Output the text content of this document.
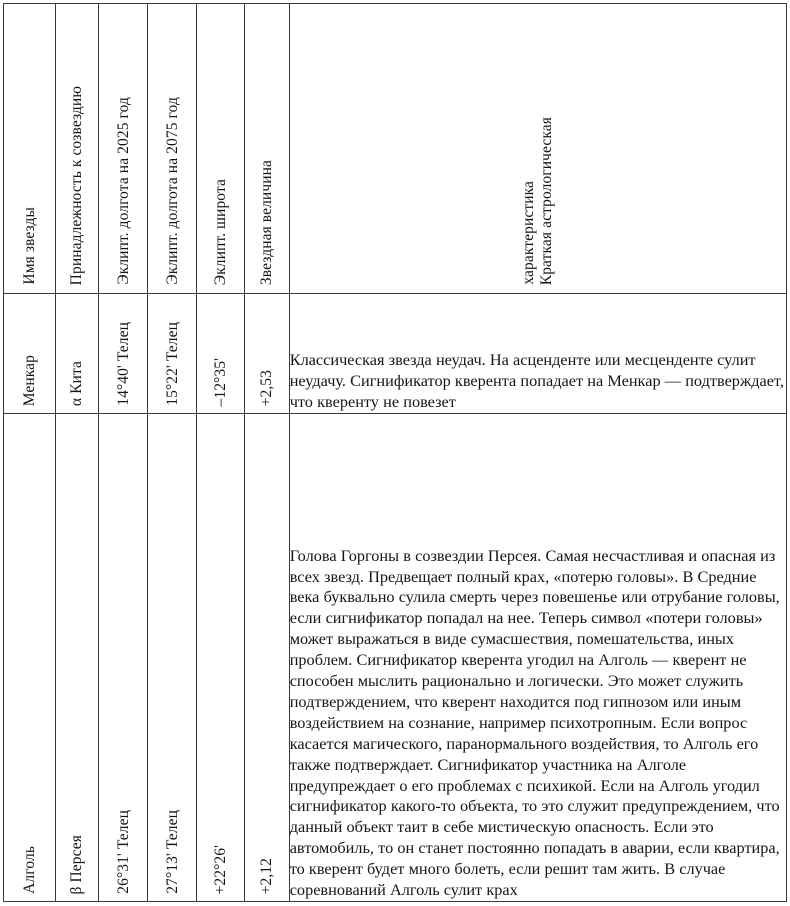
Имя звезды	Принадлежность к созвездию	Эклипт. долгота на 2025 год	Эклипт. долгота на 2075 год	Эклипт. широта	Звездная величина	Краткая астрологическая
характеристика

Менкар	α Кита	14°40' Телец	15°22' Телец	–12°35'	+2,53	Классическая звезда неудач. На асценденте или месценденте сулит неудачу. Сигнификатор кверента попадает на Менкар — подтверждает, что кверенту не повезет

Алголь	β Персея	26°31' Телец	27°13' Телец	+22°26'	+2,12	Голова Горгоны в созвездии Персея. Самая несчастливая и опасная из всех звезд. Предвещает полный крах, «потерю головы». В Средние века буквально сулила смерть через повешенье или отрубание головы, если сигнификатор попадал на нее. Теперь символ «потери головы» может выражаться в виде сумасшествия, помешательства, иных проблем. Сигнификатор кверента угодил на Алголь — кверент не способен мыслить рационально и логически. Это может служить подтверждением, что кверент находится под гипнозом или иным воздействием на сознание, например психотропным. Если вопрос касается магического, паранормального воздействия, то Алголь его также подтверждает. Сигнификатор участника на Алголе предупреждает о его проблемах с психикой. Если на Алголь угодил сигнификатор какого-то объекта, то это служит предупреждением, что данный объект таит в себе мистическую опасность. Если это автомобиль, то он станет постоянно попадать в аварии, если квартира, то кверент будет много болеть, если решит там жить. В случае соревнований Алголь сулит крах
